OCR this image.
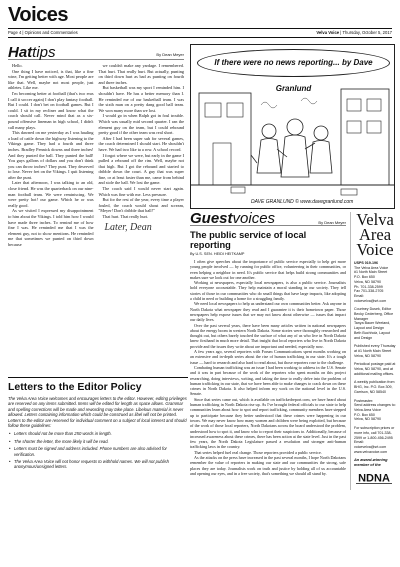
Voices
Page 4 | Opinions and Commentaries	Velva Voice | Thursday, October 5, 2017
Hattips	By Dean Meyer

Hello.

One thing I have noticed, is that, like a fine wine, I'm getting better with age. Most people are like that. Well, maybe not most people, just athletes. Like me.

I'm becoming better at football (that's two eras I call it soccer again) I don't play fantasy football. But I could. I don't bet on football games. But I could. I sit in my recliner and know what the coach should call. Never mind that as a six-pound offensive lineman in high school, I didn't call many plays.

This dawned on me yesterday as I was hauling a load of cattle down the highway listening to the Vikings game. They had a fourth and three inches. Bradley Pennick downs and three inches! And they punted the ball. They punted the ball! You guys gallons of dollars and you don't think you can throw inches? They punt. They deserved to lose. Never fret on the Vikings. I quit listening after the punt.

Later that afternoon, I was talking to an old, close friend. He was the quarterback on our nine-man football team. We were reminiscing. We were pretty hot! our game. Which he or was really good.

As we visited I expressed my disappointment to him about the Vikings. I told him how I would have made three inches. To remind me of how fine I was. He reminded me that I was the element guy, not to show mentions. He reminded me that sometimes we punted on third down because

we couldn't make any yardage. I remembered. That hurt. That really hurt. But actually, punting on third down hurt as bad as punting on fourth and three inches.

But basketball was my sport I reminded him. I shouldn't have. He has a better memory than I. He reminded me of our basketball team. I was the sixth man on a pretty dang good ball team. We won many more than we lost.

I would go in when Ralph got in foul trouble. Which was usually mid second quarter. I ran the element guy on the team, but I could rebound pretty good if the other team was real short.

After I had been super sub for several games, the coach determined I should start. He shouldn't have. We had two like ta a row. A school record.

I forgot where we were, but early in the game I pulled a rebound off the rim. Well, maybe not that high. But I got the rebound and started to dribble down the court. A guy that was super fine, or at least faster than me, came from behind and stole the ball. We lost the game.

The coach said I would never start again. Which was fine with me. Less pressure.

But for the rest of the year, every time a player fouled, the coach would shout and scream, "Meyer! Don't dribble that ball!"

That hurt. That really hurt.

Later, Dean
If there were no news reporting... by Dave Granlund
DAVE GRANLUND © www.davegranlund.com
Letters to the Editor Policy
The Velva Area Voice welcomes and encourages letters to the editor. However, editing privileges are reserved on any items submitted. Items will be edited for length as space allows. Grammar and spelling corrections will be made and rewording may take place. Libelous material is never allowed. Letters containing information which could be construed as libel will not be printed. Letters to the editor are reserved for individual comment on a subject of local interest and should follow these guidelines:
• Letters should not be more than 250 words in length.
• The shorter the letter, the more likely it will be read.
• Letters must be signed and address included. Phone numbers are also advised for verification.
• The Velva Area Voice will not honor requests to withhold names. We will not publish anonymous/unsigned letters.
Guestvoices	By Dean Meyer
The public service of local reporting
By U.S. SEN. HEIDI HEITKAMP

I often give speeches about the importance of public service especially to help get more young people involved — by running for public office, volunteering in their communities, or even helping a neighbor in need. It's public service that helps build strong communities and makes sure we look out for one another.

Working at newspapers, especially local newspapers, is also a public service. Journalists hold everyone accountable. They help maintain a moral standing in our society. They tell stories of those in our communities who do small things that have large impacts, like adopting a child in need or building a home for a struggling family.

We need local newspapers to help us understand our own communities better. Ask anyone in North Dakota what newspaper they read and I guarantee it is their hometown paper. Those newspapers help expose issues that we may not know about otherwise — issues that impact our daily lives.

Over the past several years, there have been many articles written in national newspapers about the energy boom in western North Dakota. Some stories were thoroughly researched and thought out, but others barely touched the surface of what any of us who live in North Dakota knew firsthand in much more detail. That insight that local reporters who live in North Dakota provide and the issues they write about are important and needed, especially now.

A few years ago, several reporters with Forum Communications spent months working on an extensive and in-depth series about the rise of human trafficking in our state. It's a tough issue — hard to research and also hard to read about, but those reporters rose to the challenge.

Combating human trafficking was an issue I had been working to address in the U.S. Senate and it was in part because of the work of the reporters who spent months on this project researching, doing interviews, writing, and taking the time to really delve into the problem of human trafficking in our state, that we have been able to make changes to crack down on these crimes in North Dakota. It also helped inform my work on the national level in the U.S. Senate.

Since that series came out, which is available on traffickedreport.com, we have heard about human trafficking in North Dakota rise up. As I've brought federal officials to our state to help communities learn about how to spot and report trafficking, community members have stepped up to participate because they better understood that these crimes were happening in our towns. We may never know how many women and children were being exploited, but because of the work of those local reporters, North Dakotans across the board understood the problem, understood how to spot it, and know who to report their suspicions to. Additionally, because of increased awareness about these crimes, there has been action at the state level. Just in the past few years, the North Dakota Legislature passed a resolution and stronger anti-human trafficking laws in the country.

That series helped fuel real change. Those reporters provided a public service.

As the attacks on the press have increased in the past several months, I hope North Dakotans remember the value of reporters in making our state and our communities the strong, safe places they are today. Journalists work on truth and justice by holding all of us accountable and opening our eyes, and in a free society, that's something we should all stand by.

Velva
Area
Voice
USPS 019-196
The Velva Area Voice
#1 North Main Street
P.O. Box 650
Velva, ND 58790
Ph. 701-338-2599
Fax 701-338-2705
Email: voicevelva@srt.com
Courtney Dusek, Editor
Becky Cederberg, Office Manager
Tanya Bauer Weeland, Layout and Design
Beth Buchholz, Layout and Design
Published every Thursday at #1 North Main Street Velva, ND 58790
Periodical postage paid at Velva, ND 58790, and at additional mailing offices.
A weekly publication from BHG, Inc. P.O. Box 309, Garrison, ND 58540
Postmaster:
Send address changes to:
Velva Area Voice
P.O. Box 650
Velva, ND 58790
For subscription prices or more info, call 701-338-2599 or 1-800-456-2495
Email: voicevelva@srt.com
www.velvavoice.com
An award-winning member of the
NDNA
